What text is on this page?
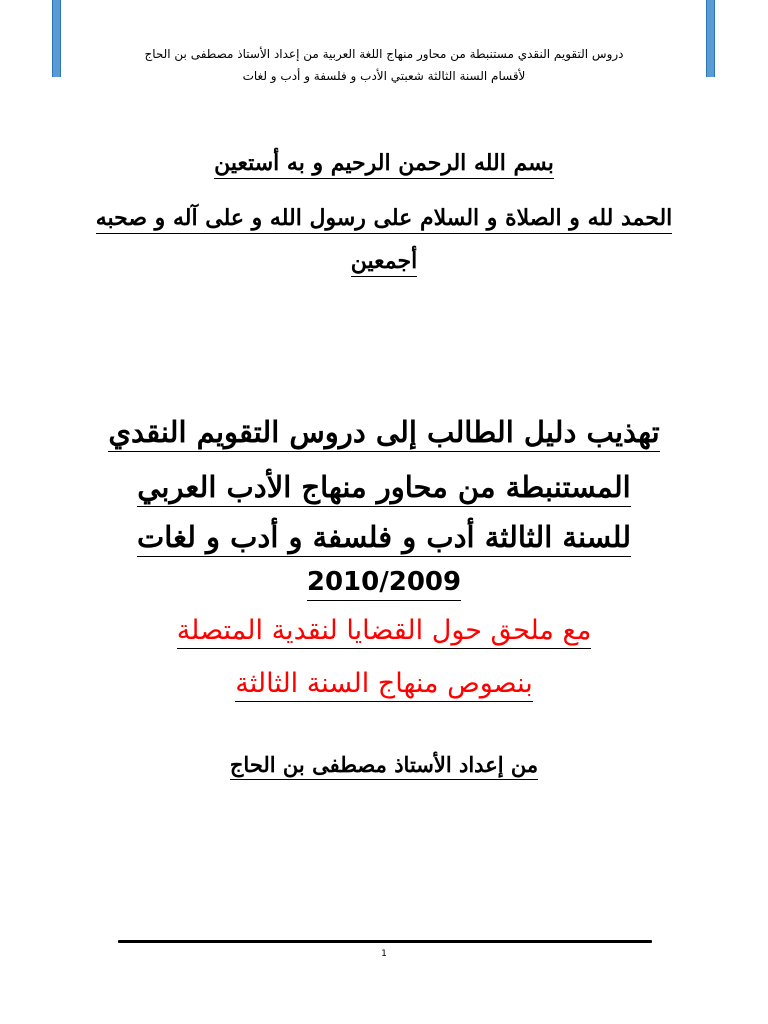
دروس التقويم النقدي مستنبطة من محاور منهاج اللغة العربية من إعداد الأستاذ مصطفى بن الحاج
لأقسام السنة الثالثة شعبتي الأدب و فلسفة و أدب و لغات
بسم الله الرحمن الرحيم و به أستعين
الحمد لله و الصلاة و السلام على رسول الله و على آله و صحبه
أجمعين
تهذيب دليل الطالب إلى دروس التقويم النقدي
المستنبطة من محاور منهاج الأدب العربي
للسنة الثالثة أدب و فلسفة و أدب و لغات
2010/2009
مع ملحق حول القضايا لنقدية المتصلة
بنصوص منهاج السنة الثالثة
من إعداد الأستاذ مصطفى بن الحاج
1
